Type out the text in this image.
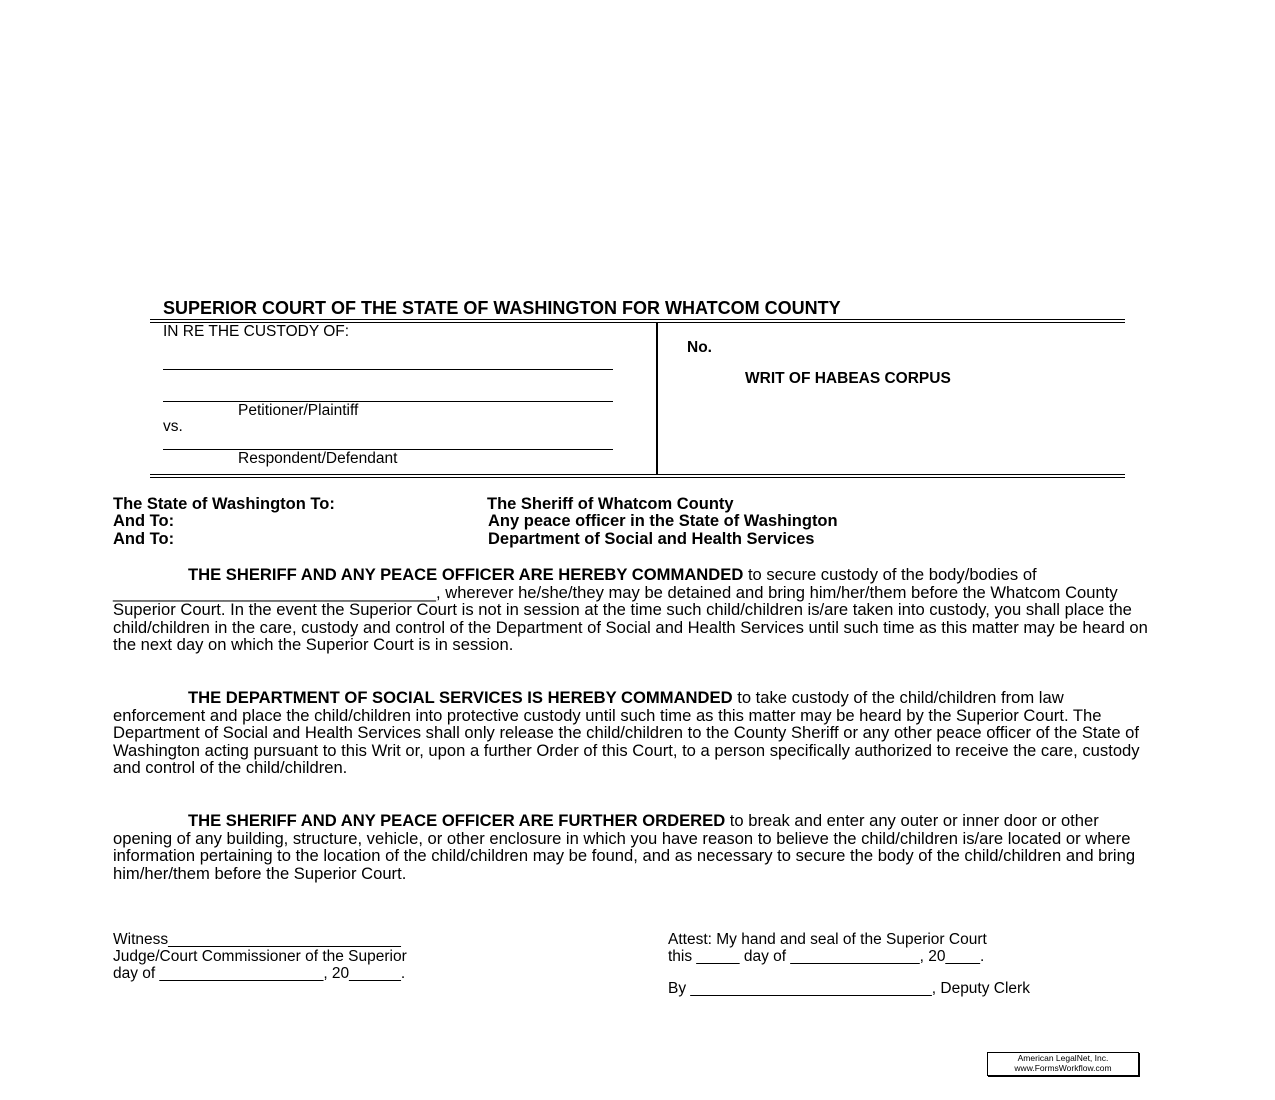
SUPERIOR COURT OF THE STATE OF WASHINGTON FOR WHATCOM COUNTY
IN RE THE CUSTODY OF:
Petitioner/Plaintiff
vs.
Respondent/Defendant
No.
WRIT OF HABEAS CORPUS
The State of Washington To:	The Sheriff of Whatcom County
And To:	Any peace officer in the State of Washington
And To:	Department of Social and Health Services

THE SHERIFF AND ANY PEACE OFFICER ARE HEREBY COMMANDED to secure custody of the body/bodies of ___________________________________, wherever he/she/they may be detained and bring him/her/them before the Whatcom County Superior Court. In the event the Superior Court is not in session at the time such child/children is/are taken into custody, you shall place the child/children in the care, custody and control of the Department of Social and Health Services until such time as this matter may be heard on the next day on which the Superior Court is in session.

THE DEPARTMENT OF SOCIAL SERVICES IS HEREBY COMMANDED to take custody of the child/children from law enforcement and place the child/children into protective custody until such time as this matter may be heard by the Superior Court. The Department of Social and Health Services shall only release the child/children to the County Sheriff or any other peace officer of the State of Washington acting pursuant to this Writ or, upon a further Order of this Court, to a person specifically authorized to receive the care, custody and control of the child/children.

THE SHERIFF AND ANY PEACE OFFICER ARE FURTHER ORDERED to break and enter any outer or inner door or other opening of any building, structure, vehicle, or other enclosure in which you have reason to believe the child/children is/are located or where information pertaining to the location of the child/children may be found, and as necessary to secure the body of the child/children and bring him/her/them before the Superior Court.

Witness___________________________
Judge/Court Commissioner of the Superior
day of ___________________, 20______.
Attest: My hand and seal of the Superior Court
this _____ day of _______________, 20____.
By ____________________________, Deputy Clerk
American LegalNet, Inc.
www.FormsWorkflow.com
